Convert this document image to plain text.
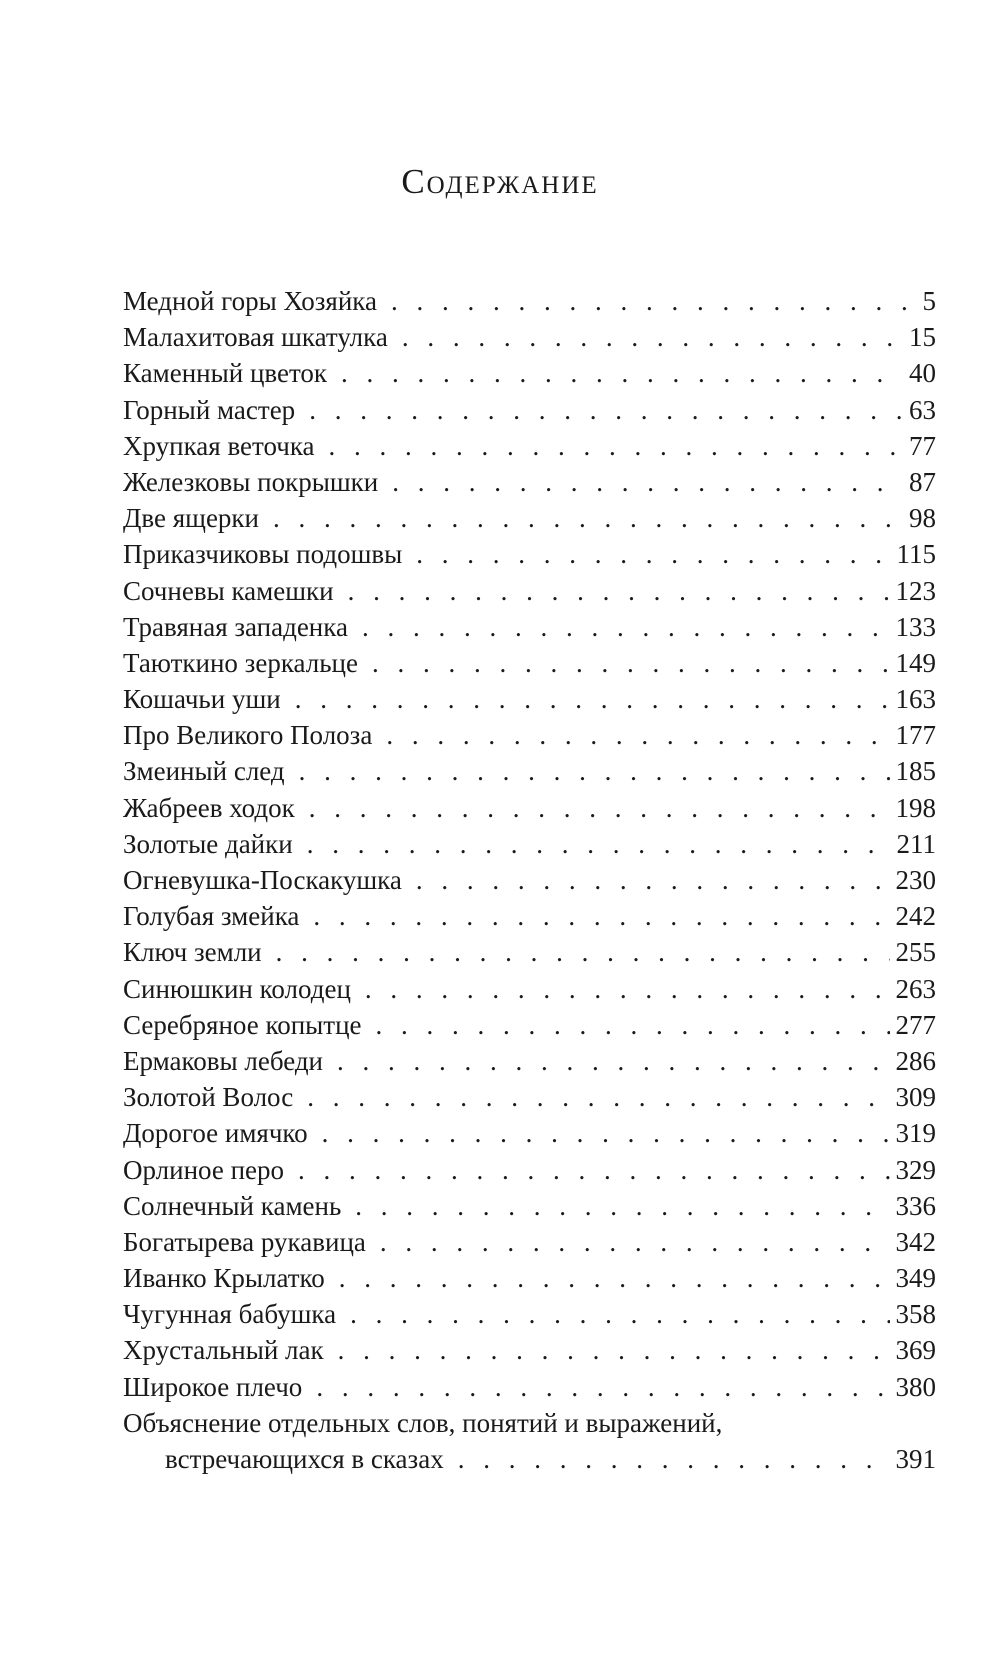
Содержание
Медной горы Хозяйка . . .	5
Малахитовая шкатулка . . .	15
Каменный цветок . . .	40
Горный мастер . . .	63
Хрупкая веточка . . .	77
Железковы покрышки . . .	87
Две ящерки . . .	98
Приказчиковы подошвы . . .	115
Сочневы камешки . . .	123
Травяная западенка . . .	133
Таюткино зеркальце . . .	149
Кошачьи уши . . .	163
Про Великого Полоза . . .	177
Змеиный след . . .	185
Жабреев ходок . . .	198
Золотые дайки . . .	211
Огневушка-Поскакушка . . .	230
Голубая змейка . . .	242
Ключ земли . . .	255
Синюшкин колодец . . .	263
Серебряное копытце . . .	277
Ермаковы лебеди . . .	286
Золотой Волос . . .	309
Дорогое имячко . . .	319
Орлиное перо . . .	329
Солнечный камень . . .	336
Богатырева рукавица . . .	342
Иванко Крылатко . . .	349
Чугунная бабушка . . .	358
Хрустальный лак . . .	369
Широкое плечо . . .	380
Объяснение отдельных слов, понятий и выражений,
встречающихся в сказах . . .	391
